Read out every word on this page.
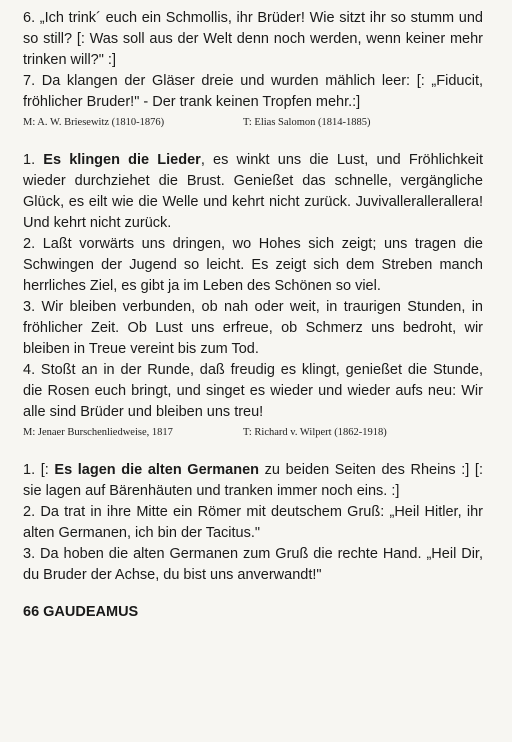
6. „Ich trink´ euch ein Schmollis, ihr Brüder! Wie sitzt ihr so stumm und so still? [: Was soll aus der Welt denn noch werden, wenn keiner mehr trinken will?" :]

7. Da klangen der Gläser dreie und wurden mählich leer: [: „Fiducit, fröhlicher Bruder!" - Der trank keinen Tropfen mehr.:]

M: A. W. Briesewitz (1810-1876)	T: Elias Salomon (1814-1885)

1. Es klingen die Lieder, es winkt uns die Lust, und Fröhlichkeit wieder durchziehet die Brust. Genießet das schnelle, vergängliche Glück, es eilt wie die Welle und kehrt nicht zurück. Juvivallerallerallera! Und kehrt nicht zurück.

2. Laßt vorwärts uns dringen, wo Hohes sich zeigt; uns tragen die Schwingen der Jugend so leicht. Es zeigt sich dem Streben manch herrliches Ziel, es gibt ja im Leben des Schönen so viel.

3. Wir bleiben verbunden, ob nah oder weit, in traurigen Stunden, in fröhlicher Zeit. Ob Lust uns erfreue, ob Schmerz uns bedroht, wir bleiben in Treue vereint bis zum Tod.

4. Stoßt an in der Runde, daß freudig es klingt, genießet die Stunde, die Rosen euch bringt, und singet es wieder und wieder aufs neu: Wir alle sind Brüder und bleiben uns treu!

M: Jenaer Burschenliedweise, 1817	T: Richard v. Wilpert (1862-1918)

1. [: Es lagen die alten Germanen zu beiden Seiten des Rheins :] [: sie lagen auf Bärenhäuten und tranken immer noch eins. :]

2. Da trat in ihre Mitte ein Römer mit deutschem Gruß: „Heil Hitler, ihr alten Germanen, ich bin der Tacitus."

3. Da hoben die alten Germanen zum Gruß die rechte Hand. „Heil Dir, du Bruder der Achse, du bist uns anverwandt!"

66 GAUDEAMUS
